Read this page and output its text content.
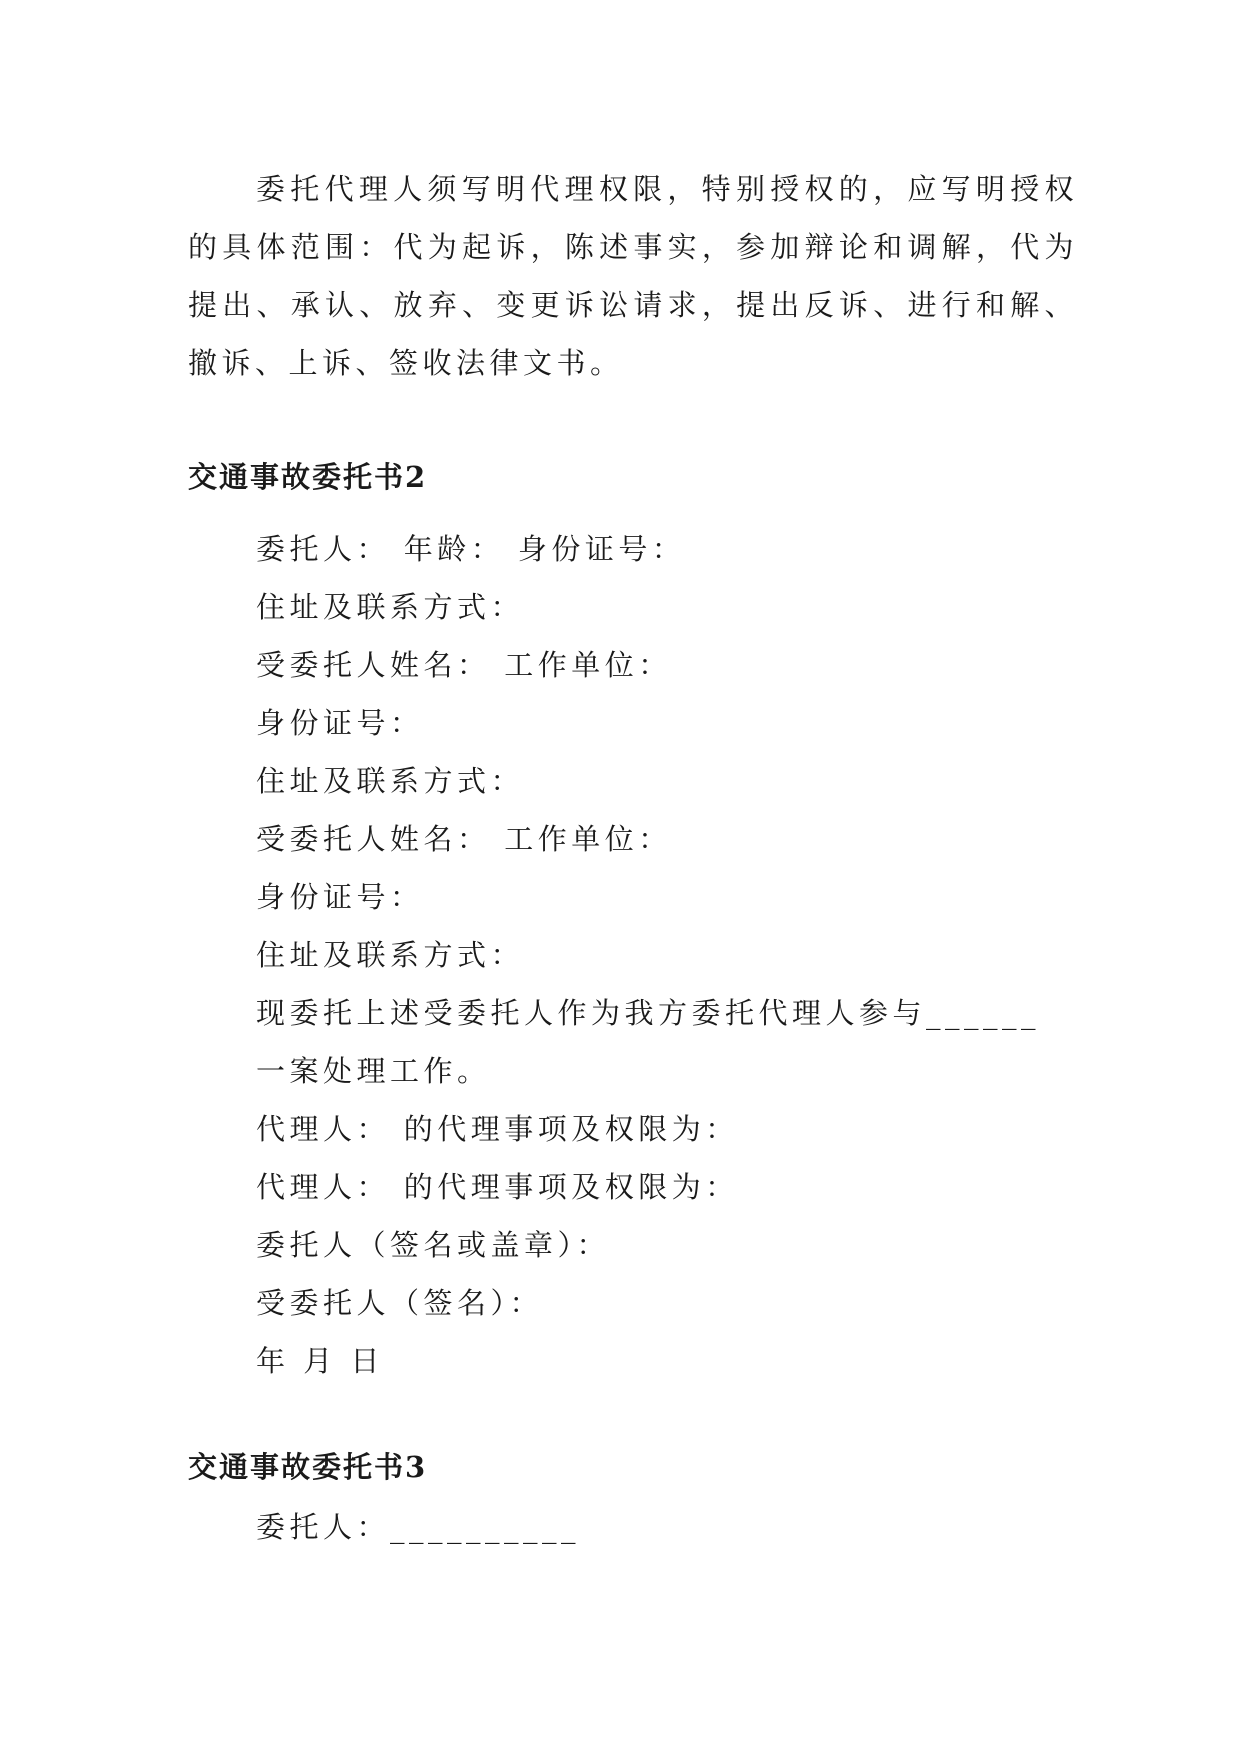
委托代理人须写明代理权限，特别授权的，应写明授权的具体范围：代为起诉，陈述事实，参加辩论和调解，代为提出、承认、放弃、变更诉讼请求，提出反诉、进行和解、撤诉、上诉、签收法律文书。

交通事故委托书2
委托人： 年龄： 身份证号：
住址及联系方式：
受委托人姓名： 工作单位：
身份证号：
住址及联系方式：
受委托人姓名： 工作单位：
身份证号：
住址及联系方式：
现委托上述受委托人作为我方委托代理人参与______
一案处理工作。
代理人： 的代理事项及权限为：
代理人： 的代理事项及权限为：
委托人（签名或盖章）：
受委托人（签名）：
年 月 日
交通事故委托书3
委托人：__________
